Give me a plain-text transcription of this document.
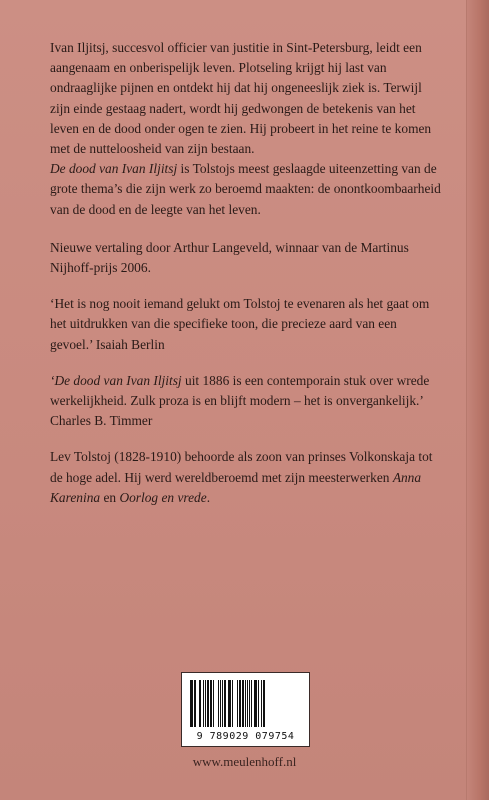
Ivan Iljitsj, succesvol officier van justitie in Sint-Petersburg, leidt een aangenaam en onberispelijk leven. Plotseling krijgt hij last van ondraaglijke pijnen en ontdekt hij dat hij ongeneeslijk ziek is. Terwijl zijn einde gestaag nadert, wordt hij gedwongen de betekenis van het leven en de dood onder ogen te zien. Hij probeert in het reine te komen met de nutteloosheid van zijn bestaan.
De dood van Ivan Iljitsj is Tolstojs meest geslaagde uiteenzetting van de grote thema’s die zijn werk zo beroemd maakten: de onontkoombaarheid van de dood en de leegte van het leven.

Nieuwe vertaling door Arthur Langeveld, winnaar van de Martinus Nijhoff-prijs 2006.

‘Het is nog nooit iemand gelukt om Tolstoj te evenaren als het gaat om het uitdrukken van die specifieke toon, die precieze aard van een gevoel.’ Isaiah Berlin

‘De dood van Ivan Iljitsj uit 1886 is een contemporain stuk over wrede werkelijkheid. Zulk proza is en blijft modern – het is onvergankelijk.’ Charles B. Timmer

Lev Tolstoj (1828-1910) behoorde als zoon van prinses Volkonskaja tot de hoge adel. Hij werd wereldberoemd met zijn meesterwerken Anna Karenina en Oorlog en vrede.

9 789029 079754
www.meulenhoff.nl
